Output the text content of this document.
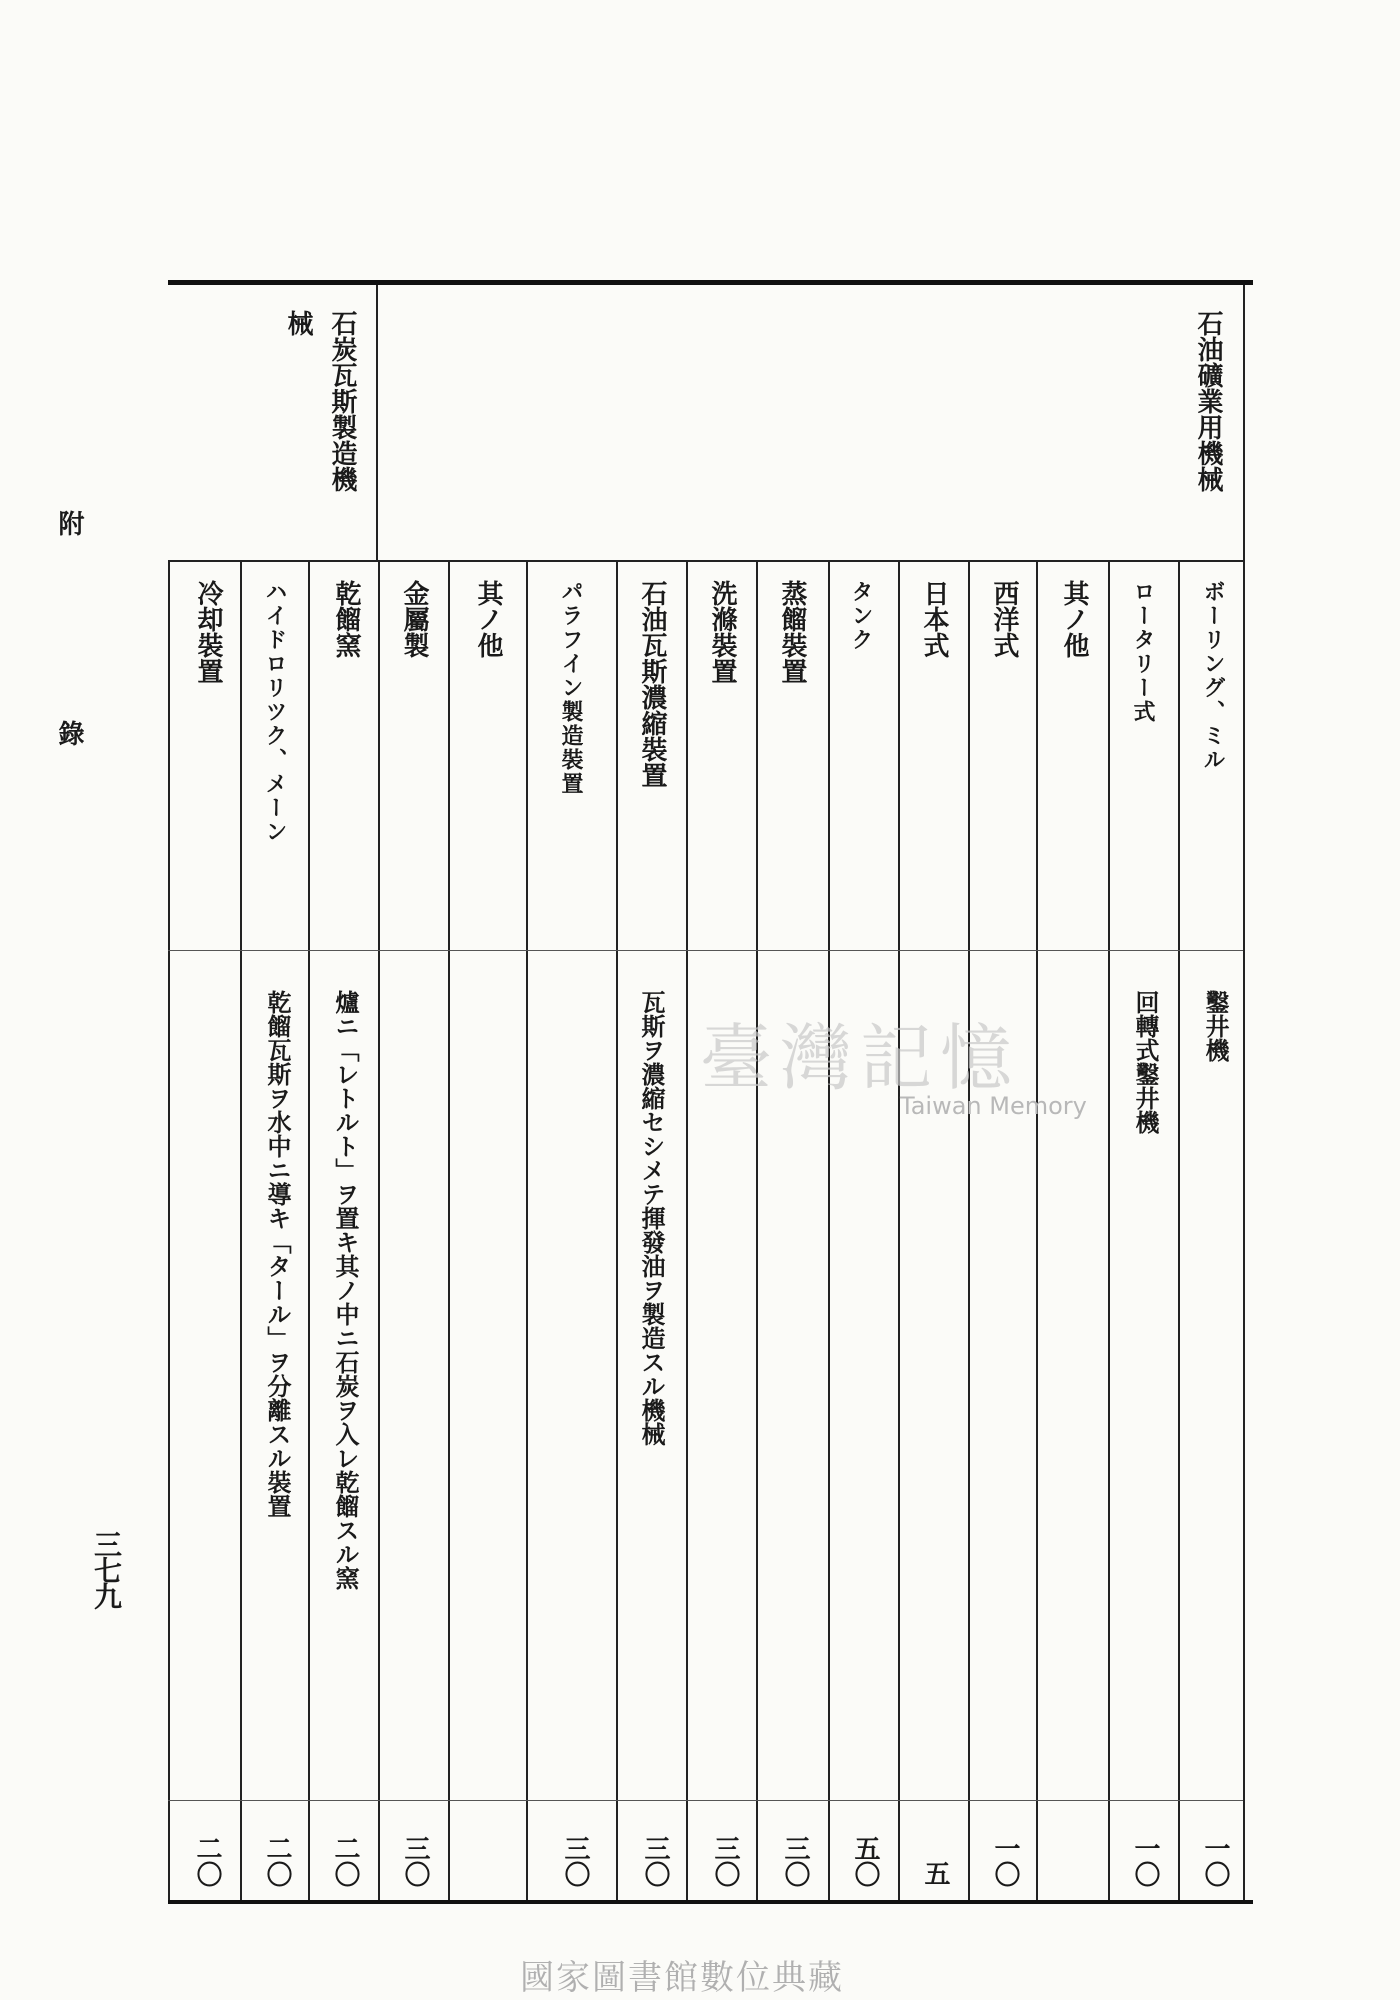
附
錄
三七九
石油礦業用機械
石炭瓦斯製造機
械
ボーリング、ミル
鑿井機
一〇
ロータリー式
回轉式鑿井機
一〇
其ノ他
西洋式
一〇
日本式
五
タンク
五〇
蒸餾裝置
三〇
洗滌裝置
三〇
石油瓦斯濃縮裝置
瓦斯ヲ濃縮セシメテ揮發油ヲ製造スル機械
三〇
パラフイン製造裝置
三〇
其ノ他
金屬製
三〇
乾餾窯
爐ニ「レトルト」ヲ置キ其ノ中ニ石炭ヲ入レ乾餾スル窯
二〇
ハイドロリツク、メーン
乾餾瓦斯ヲ水中ニ導キ「タール」ヲ分離スル裝置
二〇
冷却裝置
二〇
臺灣記憶
Taiwan Memory
國家圖書館數位典藏
